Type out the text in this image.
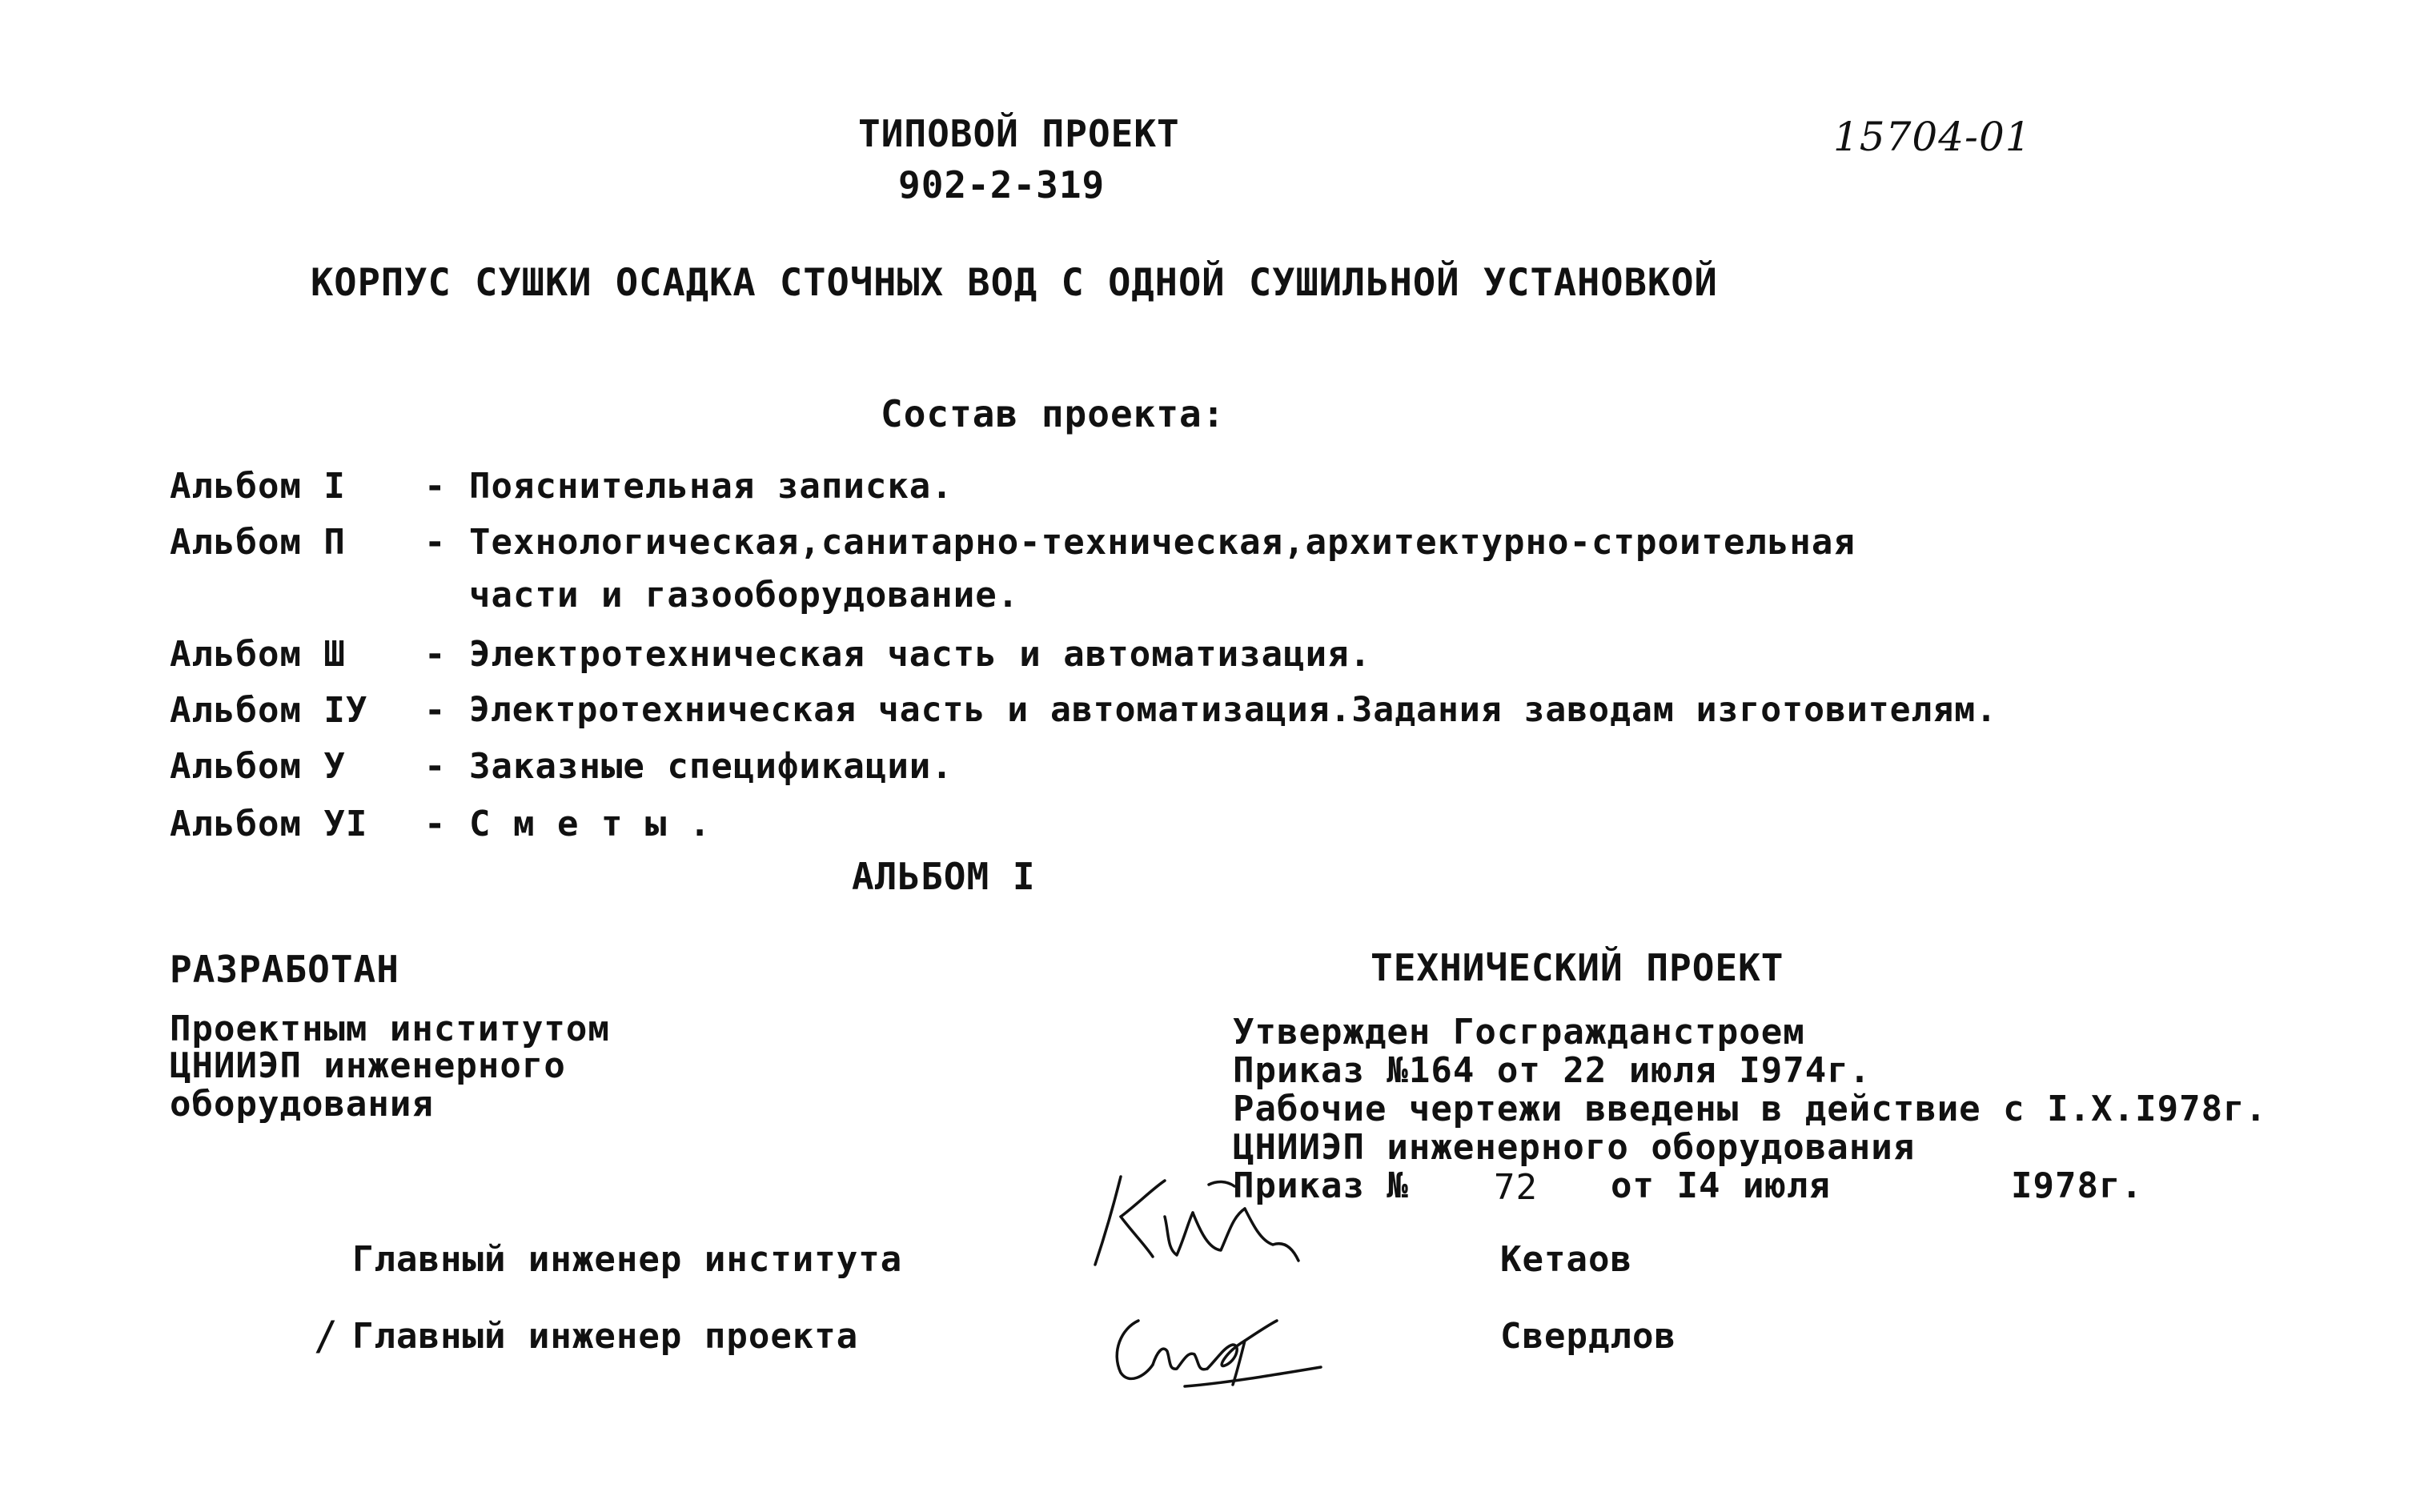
ТИПОВОЙ ПРОЕКТ
902-2-319
15704-01
КОРПУС СУШКИ ОСАДКА СТОЧНЫХ ВОД С ОДНОЙ СУШИЛЬНОЙ УСТАНОВКОЙ
Состав проекта:
Альбом I - Пояснительная записка.
Альбом П - Технологическая,санитарно-техническая,архитектурно-строительная
части и газооборудование.
Альбом Ш - Электротехническая часть и автоматизация.
Альбом IУ - Электротехническая часть и автоматизация.Задания заводам изготовителям.
Альбом У - Заказные спецификации.
Альбом УI - С м е т ы .
АЛЬБОМ I
РАЗРАБОТАН
Проектным институтом
ЦНИИЭП инженерного
оборудования
ТЕХНИЧЕСКИЙ ПРОЕКТ
Утвержден Госгражданстроем
Приказ №164 от 22 июля I974г.
Рабочие чертежи введены в действие с I.X.I978г.
ЦНИИЭП инженерного оборудования
Приказ № 72 от I4 июля	I978г.
Главный инженер института	Кетаов
/ Главный инженер проекта	Свердлов
